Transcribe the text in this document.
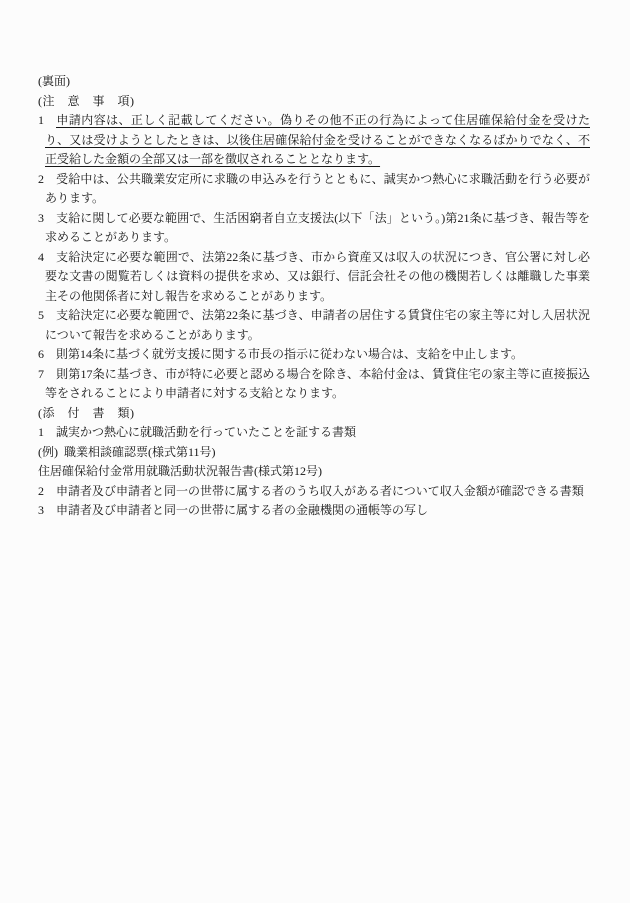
(裏面)

(注　意　事　項)

1 申請内容は、正しく記載してください。偽りその他不正の行為によって住居確保給付金を受けたり、又は受けようとしたときは、以後住居確保給付金を受けることができなくなるばかりでなく、不正受給した金額の全部又は一部を徴収されることとなります。

2 受給中は、公共職業安定所に求職の申込みを行うとともに、誠実かつ熱心に求職活動を行う必要があります。

3 支給に関して必要な範囲で、生活困窮者自立支援法(以下「法」という。)第21条に基づき、報告等を求めることがあります。

4 支給決定に必要な範囲で、法第22条に基づき、市から資産又は収入の状況につき、官公署に対し必要な文書の閲覧若しくは資料の提供を求め、又は銀行、信託会社その他の機関若しくは離職した事業主その他関係者に対し報告を求めることがあります。

5 支給決定に必要な範囲で、法第22条に基づき、申請者の居住する賃貸住宅の家主等に対し入居状況について報告を求めることがあります。

6 則第14条に基づく就労支援に関する市長の指示に従わない場合は、支給を中止します。

7 則第17条に基づき、市が特に必要と認める場合を除き、本給付金は、賃貸住宅の家主等に直接振込等をされることにより申請者に対する支給となります。

(添　付　書　類)

1 誠実かつ熱心に就職活動を行っていたことを証する書類

(例) 職業相談確認票(様式第11号)

住居確保給付金常用就職活動状況報告書(様式第12号)

2 申請者及び申請者と同一の世帯に属する者のうち収入がある者について収入金額が確認できる書類

3 申請者及び申請者と同一の世帯に属する者の金融機関の通帳等の写し
